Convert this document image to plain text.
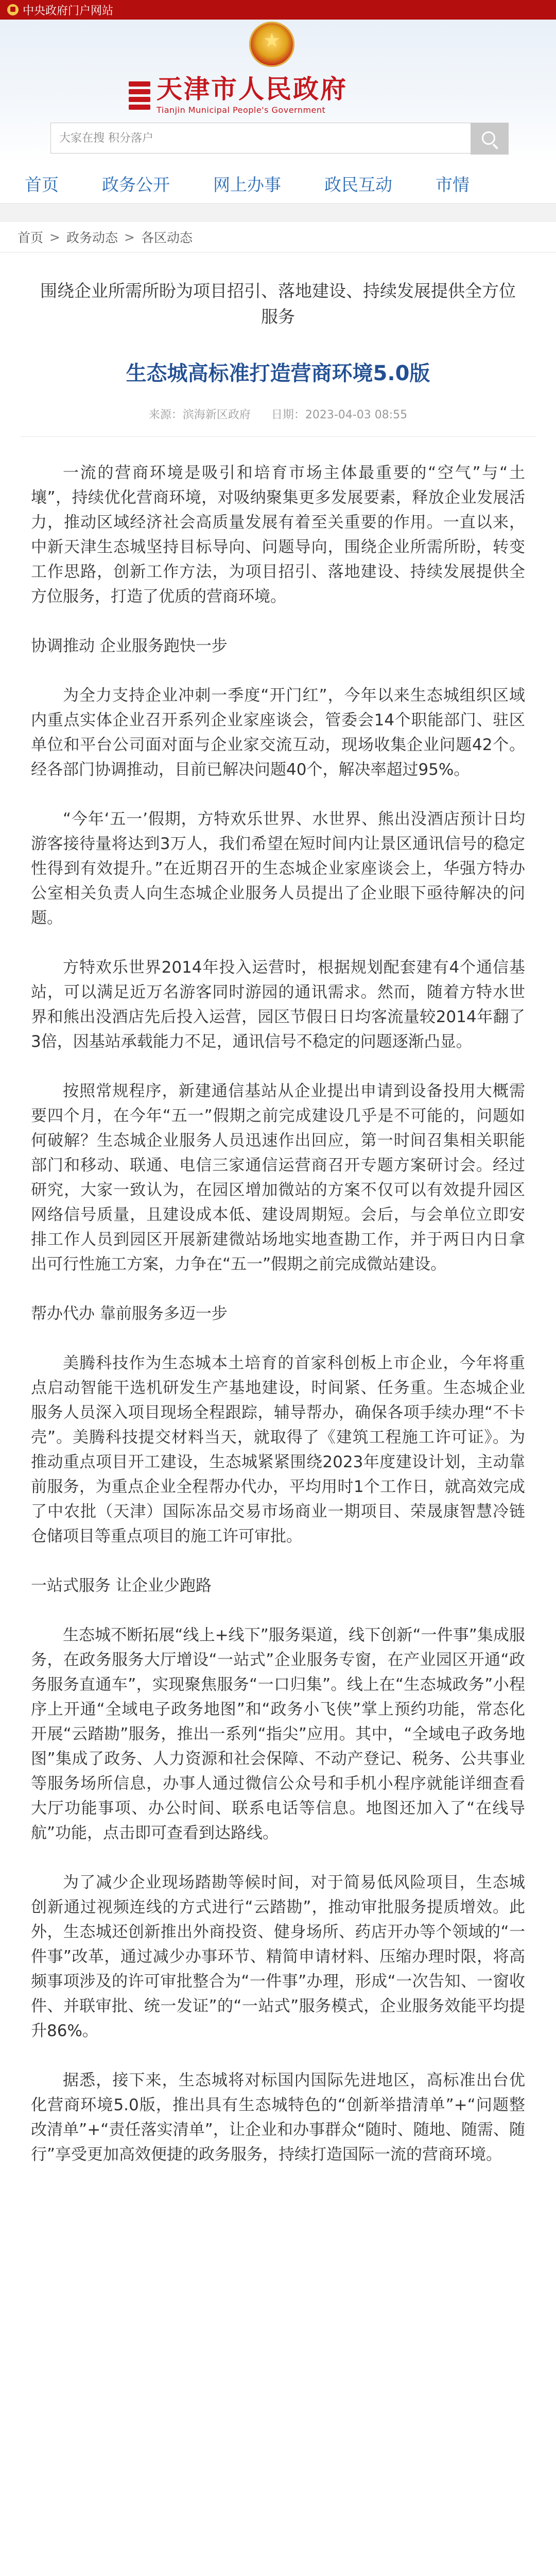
中央政府门户网站
★
天津市人民政府
Tianjin Municipal People's Government
大家在搜 积分落户
首页	政务公开	网上办事	政民互动	市情
首页 > 政务动态 > 各区动态
围绕企业所需所盼为项目招引、落地建设、持续发展提供全方位服务
生态城高标准打造营商环境5.0版
来源：滨海新区政府 日期：2023-04-03 08:55

一流的营商环境是吸引和培育市场主体最重要的“空气”与“土壤”，持续优化营商环境，对吸纳聚集更多发展要素，释放企业发展活力，推动区域经济社会高质量发展有着至关重要的作用。一直以来，中新天津生态城坚持目标导向、问题导向，围绕企业所需所盼，转变工作思路，创新工作方法，为项目招引、落地建设、持续发展提供全方位服务，打造了优质的营商环境。

协调推动 企业服务跑快一步

为全力支持企业冲刺一季度“开门红”，今年以来生态城组织区域内重点实体企业召开系列企业家座谈会，管委会14个职能部门、驻区单位和平台公司面对面与企业家交流互动，现场收集企业问题42个。经各部门协调推动，目前已解决问题40个，解决率超过95%。

“今年‘五一’假期，方特欢乐世界、水世界、熊出没酒店预计日均游客接待量将达到3万人，我们希望在短时间内让景区通讯信号的稳定性得到有效提升。”在近期召开的生态城企业家座谈会上，华强方特办公室相关负责人向生态城企业服务人员提出了企业眼下亟待解决的问题。

方特欢乐世界2014年投入运营时，根据规划配套建有4个通信基站，可以满足近万名游客同时游园的通讯需求。然而，随着方特水世界和熊出没酒店先后投入运营，园区节假日日均客流量较2014年翻了3倍，因基站承载能力不足，通讯信号不稳定的问题逐渐凸显。

按照常规程序，新建通信基站从企业提出申请到设备投用大概需要四个月，在今年“五一”假期之前完成建设几乎是不可能的，问题如何破解？生态城企业服务人员迅速作出回应，第一时间召集相关职能部门和移动、联通、电信三家通信运营商召开专题方案研讨会。经过研究，大家一致认为，在园区增加微站的方案不仅可以有效提升园区网络信号质量，且建设成本低、建设周期短。会后，与会单位立即安排工作人员到园区开展新建微站场地实地查勘工作，并于两日内日拿出可行性施工方案，力争在“五一”假期之前完成微站建设。

帮办代办 靠前服务多迈一步

美腾科技作为生态城本土培育的首家科创板上市企业，今年将重点启动智能干选机研发生产基地建设，时间紧、任务重。生态城企业服务人员深入项目现场全程跟踪，辅导帮办，确保各项手续办理“不卡壳”。美腾科技提交材料当天，就取得了《建筑工程施工许可证》。为推动重点项目开工建设，生态城紧紧围绕2023年度建设计划，主动靠前服务，为重点企业全程帮办代办，平均用时1个工作日，就高效完成了中农批（天津）国际冻品交易市场商业一期项目、荣晟康智慧冷链仓储项目等重点项目的施工许可审批。

一站式服务 让企业少跑路

生态城不断拓展“线上+线下”服务渠道，线下创新“一件事”集成服务，在政务服务大厅增设“一站式”企业服务专窗，在产业园区开通“政务服务直通车”，实现聚焦服务“一口归集”。线上在“生态城政务”小程序上开通“全域电子政务地图”和“政务小飞侠”掌上预约功能，常态化开展“云踏勘”服务，推出一系列“指尖”应用。其中，“全域电子政务地图”集成了政务、人力资源和社会保障、不动产登记、税务、公共事业等服务场所信息，办事人通过微信公众号和手机小程序就能详细查看大厅功能事项、办公时间、联系电话等信息。地图还加入了“在线导航”功能，点击即可查看到达路线。

为了减少企业现场踏勘等候时间，对于简易低风险项目，生态城创新通过视频连线的方式进行“云踏勘”，推动审批服务提质增效。此外，生态城还创新推出外商投资、健身场所、药店开办等个领域的“一件事”改革，通过减少办事环节、精简申请材料、压缩办理时限，将高频事项涉及的许可审批整合为“一件事”办理，形成“一次告知、一窗收件、并联审批、统一发证”的“一站式”服务模式，企业服务效能平均提升86%。

据悉，接下来，生态城将对标国内国际先进地区，高标准出台优化营商环境5.0版，推出具有生态城特色的“创新举措清单”+“问题整改清单”+“责任落实清单”，让企业和办事群众“随时、随地、随需、随行”享受更加高效便捷的政务服务，持续打造国际一流的营商环境。
